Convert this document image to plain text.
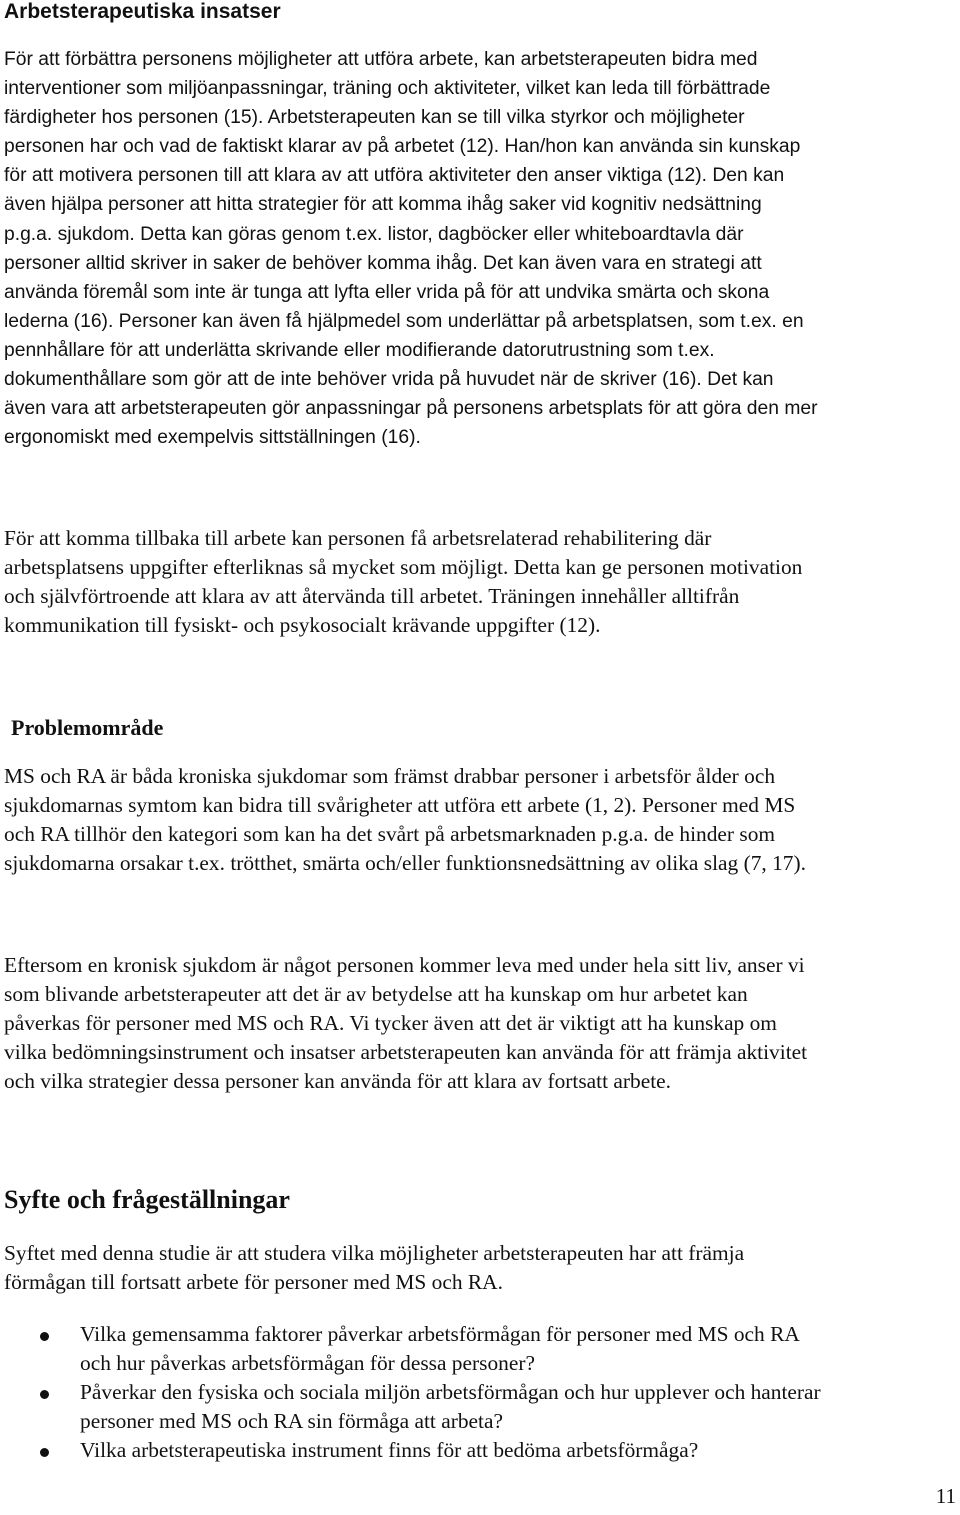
Arbetsterapeutiska insatser

För att förbättra personens möjligheter att utföra arbete, kan arbetsterapeuten bidra med
interventioner som miljöanpassningar, träning och aktiviteter, vilket kan leda till förbättrade
färdigheter hos personen (15). Arbetsterapeuten kan se till vilka styrkor och möjligheter
personen har och vad de faktiskt klarar av på arbetet (12). Han/hon kan använda sin kunskap
för att motivera personen till att klara av att utföra aktiviteter den anser viktiga (12). Den kan
även hjälpa personer att hitta strategier för att komma ihåg saker vid kognitiv nedsättning
p.g.a. sjukdom. Detta kan göras genom t.ex. listor, dagböcker eller whiteboardtavla där
personer alltid skriver in saker de behöver komma ihåg. Det kan även vara en strategi att
använda föremål som inte är tunga att lyfta eller vrida på för att undvika smärta och skona
lederna (16). Personer kan även få hjälpmedel som underlättar på arbetsplatsen, som t.ex. en
pennhållare för att underlätta skrivande eller modifierande datorutrustning som t.ex.
dokumenthållare som gör att de inte behöver vrida på huvudet när de skriver (16). Det kan
även vara att arbetsterapeuten gör anpassningar på personens arbetsplats för att göra den mer
ergonomiskt med exempelvis sittställningen (16).

För att komma tillbaka till arbete kan personen få arbetsrelaterad rehabilitering där
arbetsplatsens uppgifter efterliknas så mycket som möjligt. Detta kan ge personen motivation
och självförtroende att klara av att återvända till arbetet. Träningen innehåller alltifrån
kommunikation till fysiskt- och psykosocialt krävande uppgifter (12).

Problemområde

MS och RA är båda kroniska sjukdomar som främst drabbar personer i arbetsför ålder och
sjukdomarnas symtom kan bidra till svårigheter att utföra ett arbete (1, 2). Personer med MS
och RA tillhör den kategori som kan ha det svårt på arbetsmarknaden p.g.a. de hinder som
sjukdomarna orsakar t.ex. trötthet, smärta och/eller funktionsnedsättning av olika slag (7, 17).

Eftersom en kronisk sjukdom är något personen kommer leva med under hela sitt liv, anser vi
som blivande arbetsterapeuter att det är av betydelse att ha kunskap om hur arbetet kan
påverkas för personer med MS och RA. Vi tycker även att det är viktigt att ha kunskap om
vilka bedömningsinstrument och insatser arbetsterapeuten kan använda för att främja aktivitet
och vilka strategier dessa personer kan använda för att klara av fortsatt arbete.

Syfte och frågeställningar

Syftet med denna studie är att studera vilka möjligheter arbetsterapeuten har att främja
förmågan till fortsatt arbete för personer med MS och RA.

Vilka gemensamma faktorer påverkar arbetsförmågan för personer med MS och RA
och hur påverkas arbetsförmågan för dessa personer?
Påverkar den fysiska och sociala miljön arbetsförmågan och hur upplever och hanterar
personer med MS och RA sin förmåga att arbeta?
Vilka arbetsterapeutiska instrument finns för att bedöma arbetsförmåga?

11
